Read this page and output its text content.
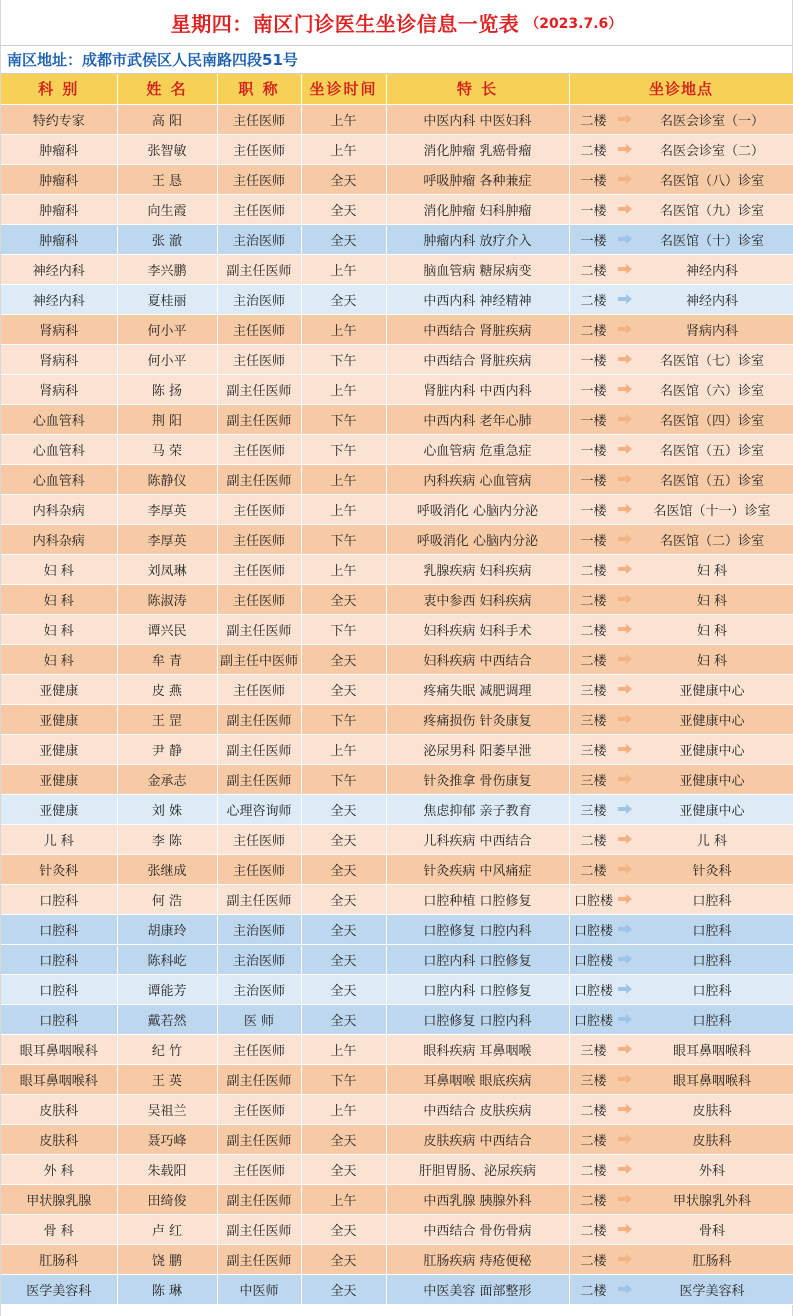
星期四：南区门诊医生坐诊信息一览表 （2023.7.6）
南区地址：成都市武侯区人民南路四段51号
科 别	姓 名	职 称	坐诊时间	特 长	坐诊地点
特约专家	高 阳	主任医师	上午	中医内科 中医妇科	二楼 名医会诊室（一）

肿瘤科	张智敏	主任医师	上午	消化肿瘤 乳癌骨瘤	二楼 名医会诊室（二）

肿瘤科	王 恳	主任医师	全天	呼吸肿瘤 各种兼症	一楼 名医馆（八）诊室

肿瘤科	向生霞	主任医师	全天	消化肿瘤 妇科肿瘤	一楼 名医馆（九）诊室

肿瘤科	张 澈	主治医师	全天	肿瘤内科 放疗介入	一楼 名医馆（十）诊室

神经内科	李兴鹏	副主任医师	上午	脑血管病 糖尿病变	二楼 神经内科

神经内科	夏桂丽	主治医师	全天	中西内科 神经精神	二楼 神经内科

肾病科	何小平	主任医师	上午	中西结合 肾脏疾病	二楼 肾病内科

肾病科	何小平	主任医师	下午	中西结合 肾脏疾病	一楼 名医馆（七）诊室

肾病科	陈 扬	副主任医师	上午	肾脏内科 中西内科	一楼 名医馆（六）诊室

心血管科	荆 阳	副主任医师	下午	中西内科 老年心肺	一楼 名医馆（四）诊室

心血管科	马 荣	主任医师	下午	心血管病 危重急症	一楼 名医馆（五）诊室

心血管科	陈静仪	副主任医师	上午	内科疾病 心血管病	一楼 名医馆（五）诊室

内科杂病	李厚英	主任医师	上午	呼吸消化 心脑内分泌	一楼 名医馆（十一）诊室

内科杂病	李厚英	主任医师	下午	呼吸消化 心脑内分泌	一楼 名医馆（二）诊室

妇 科	刘凤琳	主任医师	上午	乳腺疾病 妇科疾病	二楼 妇 科

妇 科	陈淑涛	主任医师	全天	衷中参西 妇科疾病	二楼 妇 科

妇 科	谭兴民	副主任医师	下午	妇科疾病 妇科手术	二楼 妇 科

妇 科	牟 青	副主任中医师	全天	妇科疾病 中西结合	二楼 妇 科

亚健康	皮 燕	主任医师	全天	疼痛失眠 减肥调理	三楼 亚健康中心

亚健康	王 罡	副主任医师	下午	疼痛损伤 针灸康复	三楼 亚健康中心

亚健康	尹 静	副主任医师	上午	泌尿男科 阳萎早泄	三楼 亚健康中心

亚健康	金承志	副主任医师	下午	针灸推拿 骨伤康复	三楼 亚健康中心

亚健康	刘 姝	心理咨询师	全天	焦虑抑郁 亲子教育	三楼 亚健康中心

儿 科	李 陈	主任医师	全天	儿科疾病 中西结合	二楼 儿 科

针灸科	张继成	主任医师	全天	针灸疾病 中风痛症	二楼 针灸科

口腔科	何 浩	副主任医师	全天	口腔种植 口腔修复	口腔楼 口腔科

口腔科	胡康玲	主治医师	全天	口腔修复 口腔内科	口腔楼 口腔科

口腔科	陈科屹	主治医师	全天	口腔内科 口腔修复	口腔楼 口腔科

口腔科	谭能芳	主治医师	全天	口腔内科 口腔修复	口腔楼 口腔科

口腔科	戴若然	医 师	全天	口腔修复 口腔内科	口腔楼 口腔科

眼耳鼻咽喉科	纪 竹	主任医师	上午	眼科疾病 耳鼻咽喉	三楼 眼耳鼻咽喉科

眼耳鼻咽喉科	王 英	副主任医师	下午	耳鼻咽喉 眼底疾病	三楼 眼耳鼻咽喉科

皮肤科	吴祖兰	主任医师	上午	中西结合 皮肤疾病	二楼 皮肤科

皮肤科	聂巧峰	副主任医师	全天	皮肤疾病 中西结合	二楼 皮肤科

外 科	朱载阳	主任医师	全天	肝胆胃肠、泌尿疾病	二楼 外科

甲状腺乳腺	田绮俊	副主任医师	上午	中西乳腺 胰腺外科	二楼 甲状腺乳外科

骨 科	卢 红	副主任医师	全天	中西结合 骨伤骨病	二楼 骨科

肛肠科	饶 鹏	副主任医师	全天	肛肠疾病 痔疮便秘	二楼 肛肠科

医学美容科	陈 琳	中医师	全天	中医美容 面部整形	二楼 医学美容科
